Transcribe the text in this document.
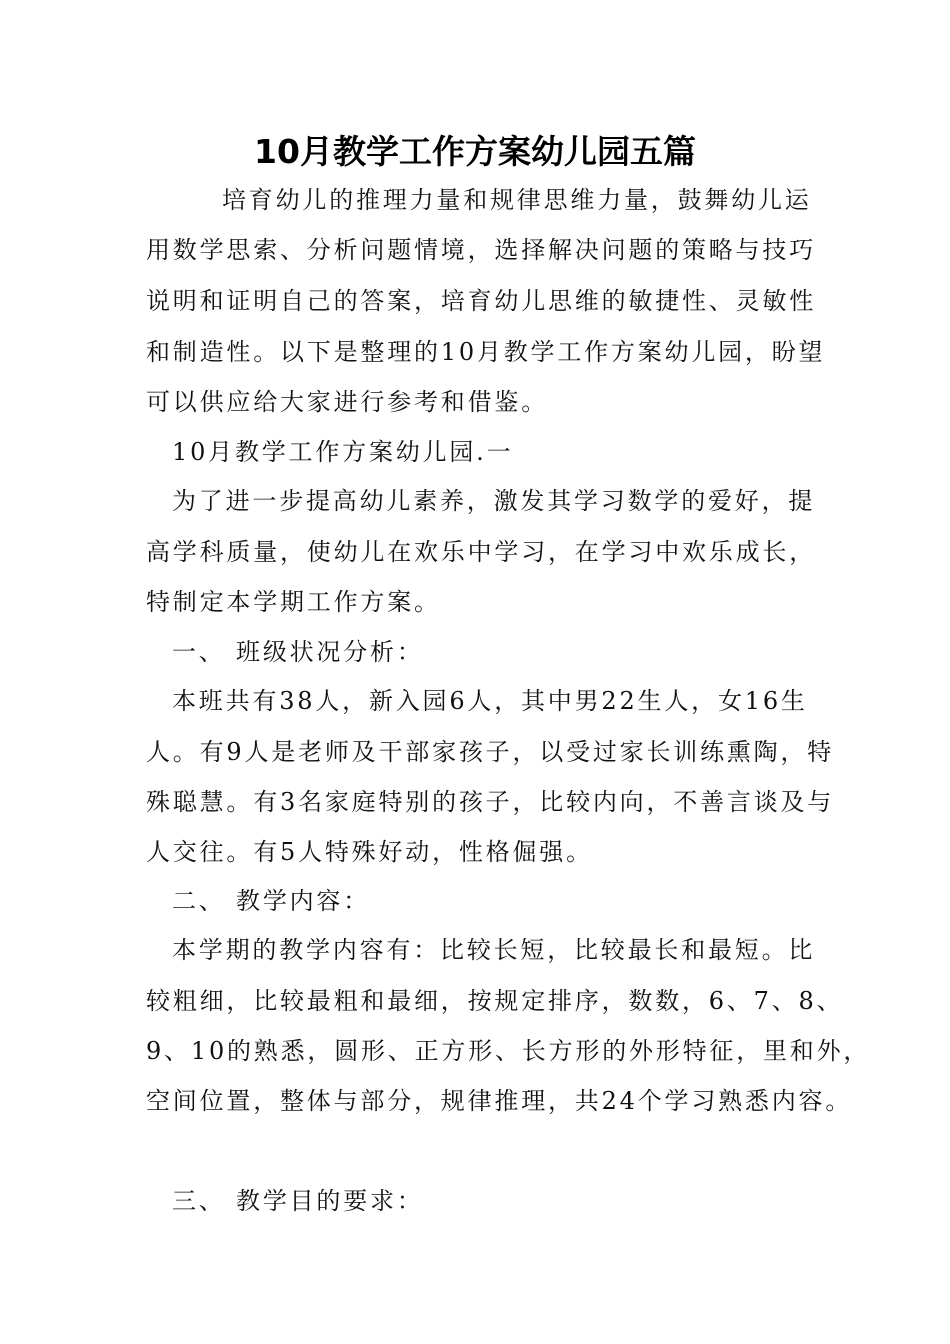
10月教学工作方案幼儿园五篇
培育幼儿的推理力量和规律思维力量，鼓舞幼儿运
用数学思索、分析问题情境，选择解决问题的策略与技巧
说明和证明自己的答案，培育幼儿思维的敏捷性、灵敏性
和制造性。以下是整理的10月教学工作方案幼儿园，盼望
可以供应给大家进行参考和借鉴。
10月教学工作方案幼儿园.一
为了进一步提高幼儿素养，激发其学习数学的爱好，提
高学科质量，使幼儿在欢乐中学习，在学习中欢乐成长，
特制定本学期工作方案。
一、 班级状况分析：
本班共有38人，新入园6人，其中男22生人，女16生
人。有9人是老师及干部家孩子，以受过家长训练熏陶，特
殊聪慧。有3名家庭特别的孩子，比较内向，不善言谈及与
人交往。有5人特殊好动，性格倔强。
二、 教学内容：
本学期的教学内容有：比较长短，比较最长和最短。比
较粗细，比较最粗和最细，按规定排序，数数，6、7、8、
9、10的熟悉，圆形、正方形、长方形的外形特征，里和外，
空间位置，整体与部分，规律推理，共24个学习熟悉内容。
三、 教学目的要求：
